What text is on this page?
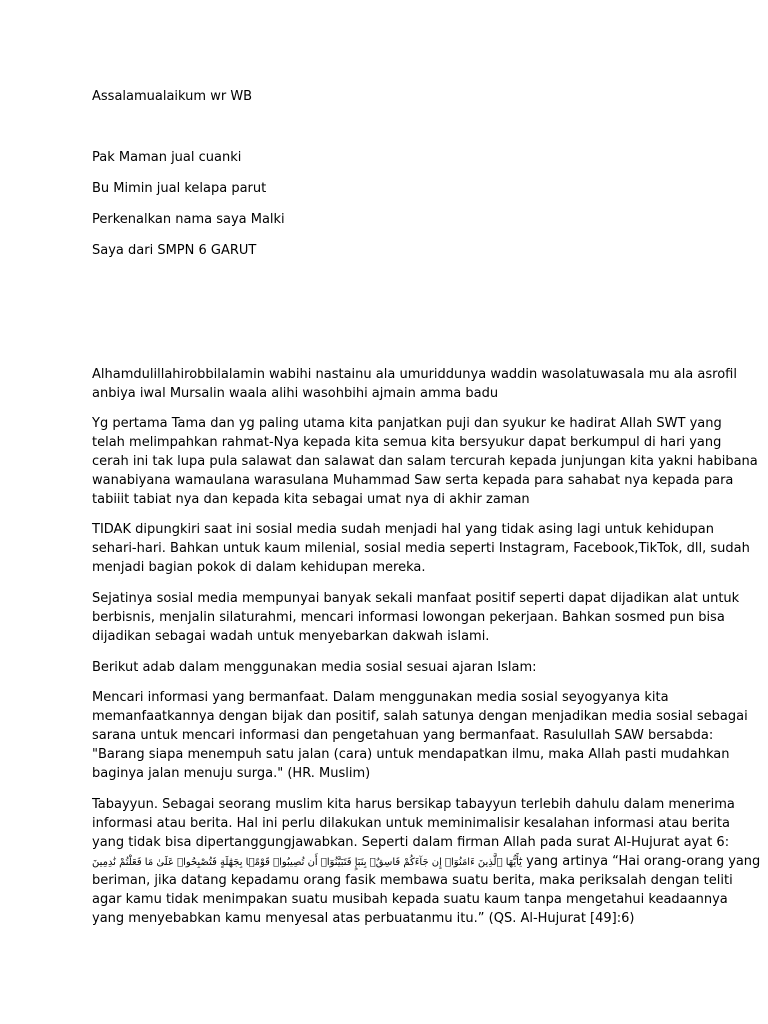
Assalamualaikum wr WB
Pak Maman jual cuanki
Bu Mimin jual kelapa parut
Perkenalkan nama saya Malki
Saya dari SMPN 6 GARUT
Alhamdulillahirobbilalamin wabihi nastainu ala umuriddunya waddin wasolatuwasala mu ala asrofil
anbiya iwal Mursalin waala alihi wasohbihi ajmain amma badu
Yg pertama Tama dan yg paling utama kita panjatkan puji dan syukur ke hadirat Allah SWT yang
telah melimpahkan rahmat-Nya kepada kita semua kita bersyukur dapat berkumpul di hari yang
cerah ini tak lupa pula salawat dan salawat dan salam tercurah kepada junjungan kita yakni habibana
wanabiyana wamaulana warasulana Muhammad Saw serta kepada para sahabat nya kepada para
tabiiit tabiat nya dan kepada kita sebagai umat nya di akhir zaman
TIDAK dipungkiri saat ini sosial media sudah menjadi hal yang tidak asing lagi untuk kehidupan
sehari-hari. Bahkan untuk kaum milenial, sosial media seperti Instagram, Facebook,TikTok, dll, sudah
menjadi bagian pokok di dalam kehidupan mereka.
Sejatinya sosial media mempunyai banyak sekali manfaat positif seperti dapat dijadikan alat untuk
berbisnis, menjalin silaturahmi, mencari informasi lowongan pekerjaan. Bahkan sosmed pun bisa
dijadikan sebagai wadah untuk menyebarkan dakwah islami.
Berikut adab dalam menggunakan media sosial sesuai ajaran Islam:
Mencari informasi yang bermanfaat. Dalam menggunakan media sosial seyogyanya kita
memanfaatkannya dengan bijak dan positif, salah satunya dengan menjadikan media sosial sebagai
sarana untuk mencari informasi dan pengetahuan yang bermanfaat. Rasulullah SAW bersabda:
"Barang siapa menempuh satu jalan (cara) untuk mendapatkan ilmu, maka Allah pasti mudahkan
baginya jalan menuju surga." (HR. Muslim)
Tabayyun. Sebagai seorang muslim kita harus bersikap tabayyun terlebih dahulu dalam menerima
informasi atau berita. Hal ini perlu dilakukan untuk meminimalisir kesalahan informasi atau berita
yang tidak bisa dipertanggungjawabkan. Seperti dalam firman Allah pada surat Al-Hujurat ayat 6:
يَٰٓأَيُّهَا ٱلَّذِينَ ءَامَنُوٓا۟ إِن جَآءَكُمْ فَاسِقٌۢ بِنَبَإٍ فَتَبَيَّنُوٓا۟ أَن تُصِيبُوا۟ قَوْمًۢا بِجَهَٰلَةٍ فَتُصْبِحُوا۟ عَلَىٰ مَا فَعَلْتُمْ نَٰدِمِينَ yang artinya “Hai orang-orang yang
beriman, jika datang kepadamu orang fasik membawa suatu berita, maka periksalah dengan teliti
agar kamu tidak menimpakan suatu musibah kepada suatu kaum tanpa mengetahui keadaannya
yang menyebabkan kamu menyesal atas perbuatanmu itu.” (QS. Al-Hujurat [49]:6)
